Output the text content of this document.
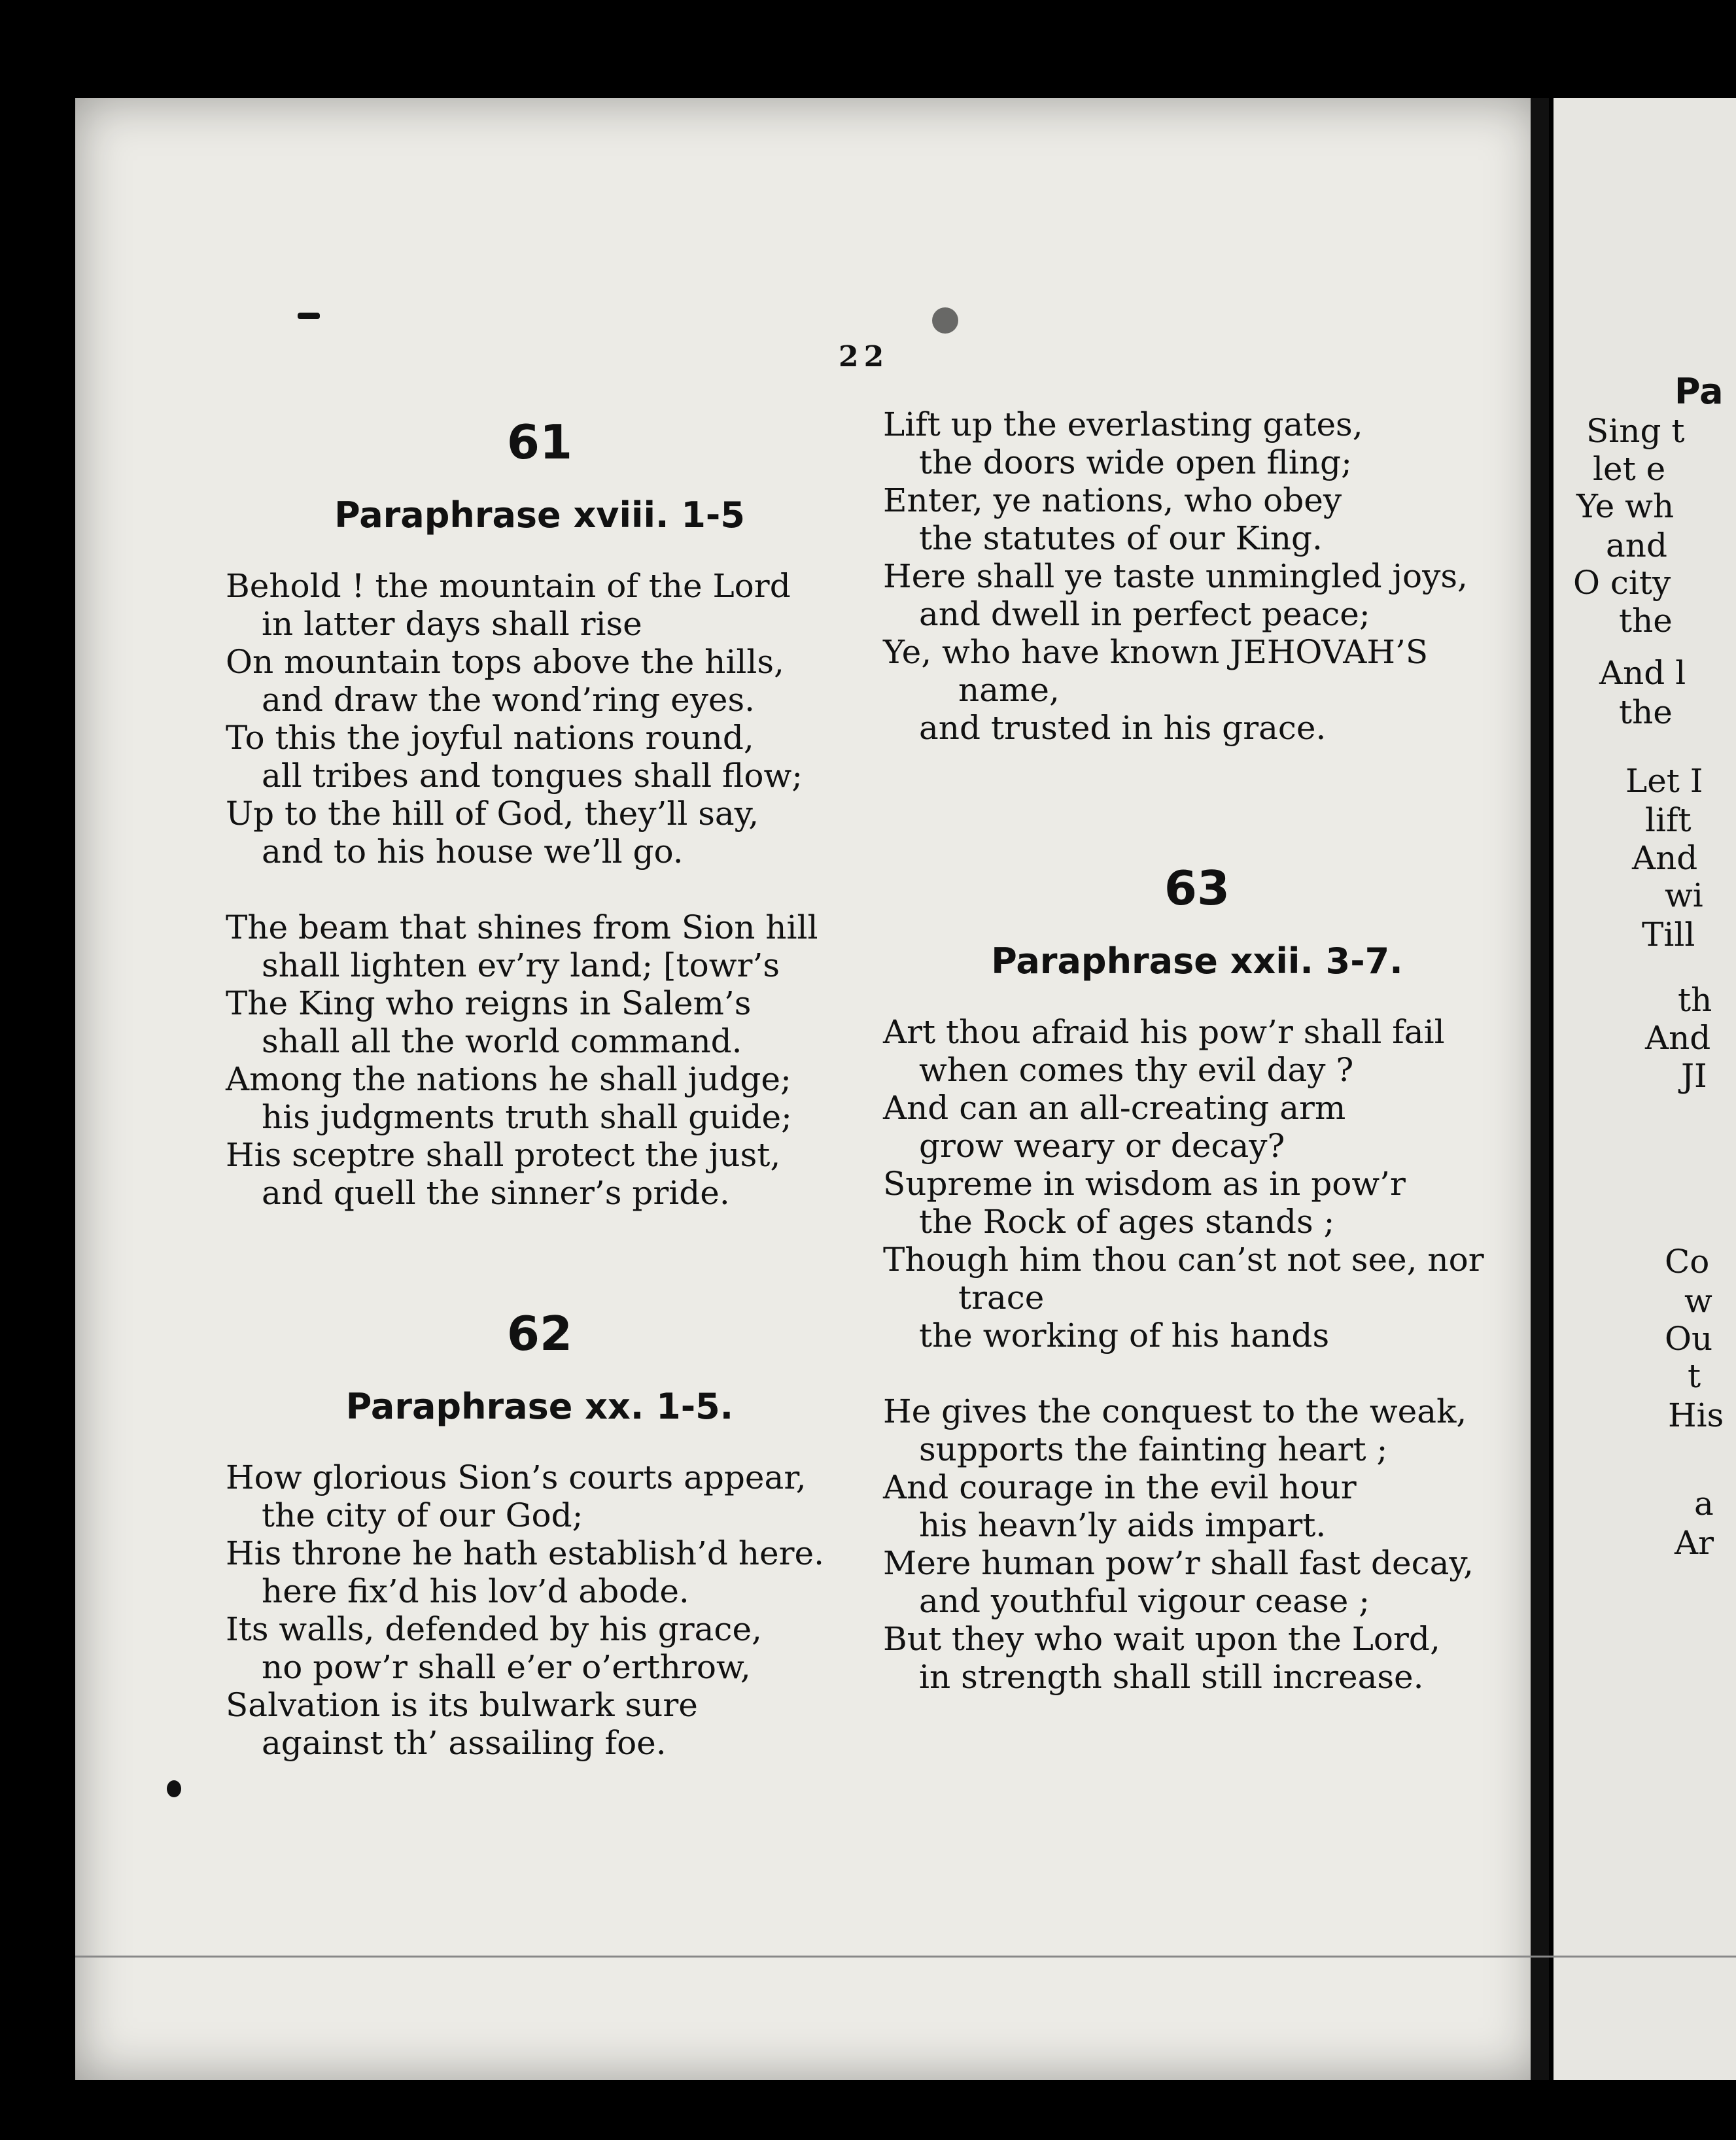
Pa
Sing t
let e
Ye wh
and
O city
the
And l
the
Let I
lift
And
wi
Till
th
And
JI
Co
w
Ou
t
His
a
Ar
22
61
Paraphrase xviii. 1-5
Behold ! the mountain of the Lord
in latter days shall rise
On mountain tops above the hills,
and draw the wond’ring eyes.
To this the joyful nations round,
all tribes and tongues shall flow;
Up to the hill of God, they’ll say,
and to his house we’ll go.
The beam that shines from Sion hill
shall lighten ev’ry land; [towr’s
The King who reigns in Salem’s
shall all the world command.
Among the nations he shall judge;
his judgments truth shall guide;
His sceptre shall protect the just,
and quell the sinner’s pride.
62
Paraphrase xx. 1-5.
How glorious Sion’s courts appear,
the city of our God;
His throne he hath establish’d here.
here fix’d his lov’d abode.
Its walls, defended by his grace,
no pow’r shall e’er o’erthrow,
Salvation is its bulwark sure
against th’ assailing foe.
Lift up the everlasting gates,
the doors wide open fling;
Enter, ye nations, who obey
the statutes of our King.
Here shall ye taste unmingled joys,
and dwell in perfect peace;
Ye, who have known JEHOVAH’S
name,
and trusted in his grace.
63
Paraphrase xxii. 3-7.
Art thou afraid his pow’r shall fail
when comes thy evil day ?
And can an all-creating arm
grow weary or decay?
Supreme in wisdom as in pow’r
the Rock of ages stands ;
Though him thou can’st not see, nor
trace
the working of his hands
He gives the conquest to the weak,
supports the fainting heart ;
And courage in the evil hour
his heavn’ly aids impart.
Mere human pow’r shall fast decay,
and youthful vigour cease ;
But they who wait upon the Lord,
in strength shall still increase.
